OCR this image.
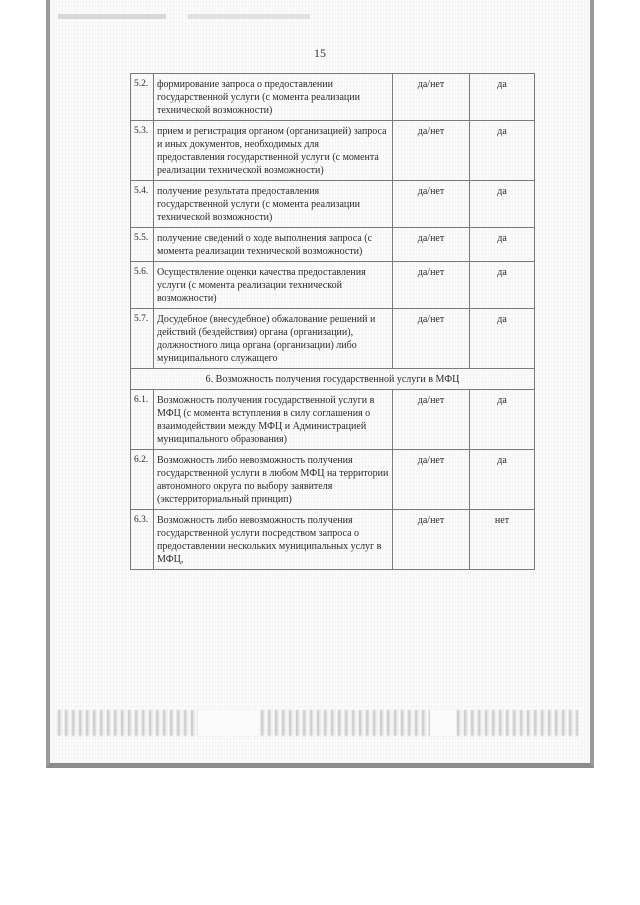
15
5.2.	формирование запроса о предоставлении государственной услуги (с момента реализации технической возможности)	да/нет	да
5.3.	прием и регистрация органом (организацией) запроса и иных документов, необходимых для предоставления государственной услуги (с момента реализации технической возможности)	да/нет	да
5.4.	получение результата предоставления государственной услуги (с момента реализации технической возможности)	да/нет	да
5.5.	получение сведений о ходе выполнения запроса (с момента реализации технической возможности)	да/нет	да
5.6.	Осуществление оценки качества предоставления услуги (с момента реализации технической возможности)	да/нет	да
5.7.	Досудебное (внесудебное) обжалование решений и действий (бездействия) органа (организации), должностного лица органа (организации) либо муниципального служащего	да/нет	да
6. Возможность получения государственной услуги в МФЦ			
6.1.	Возможность получения государственной услуги в МФЦ (с момента вступления в силу соглашения о взаимодействии между МФЦ и Администрацией муниципального образования)	да/нет	да
6.2.	Возможность либо невозможность получения государственной услуги в любом МФЦ на территории автономного округа по выбору заявителя (экстерриториальный принцип)	да/нет	да
6.3.	Возможность либо невозможность получения государственной услуги посредством запроса о предоставлении нескольких муниципальных услуг в МФЦ,	да/нет	нет
